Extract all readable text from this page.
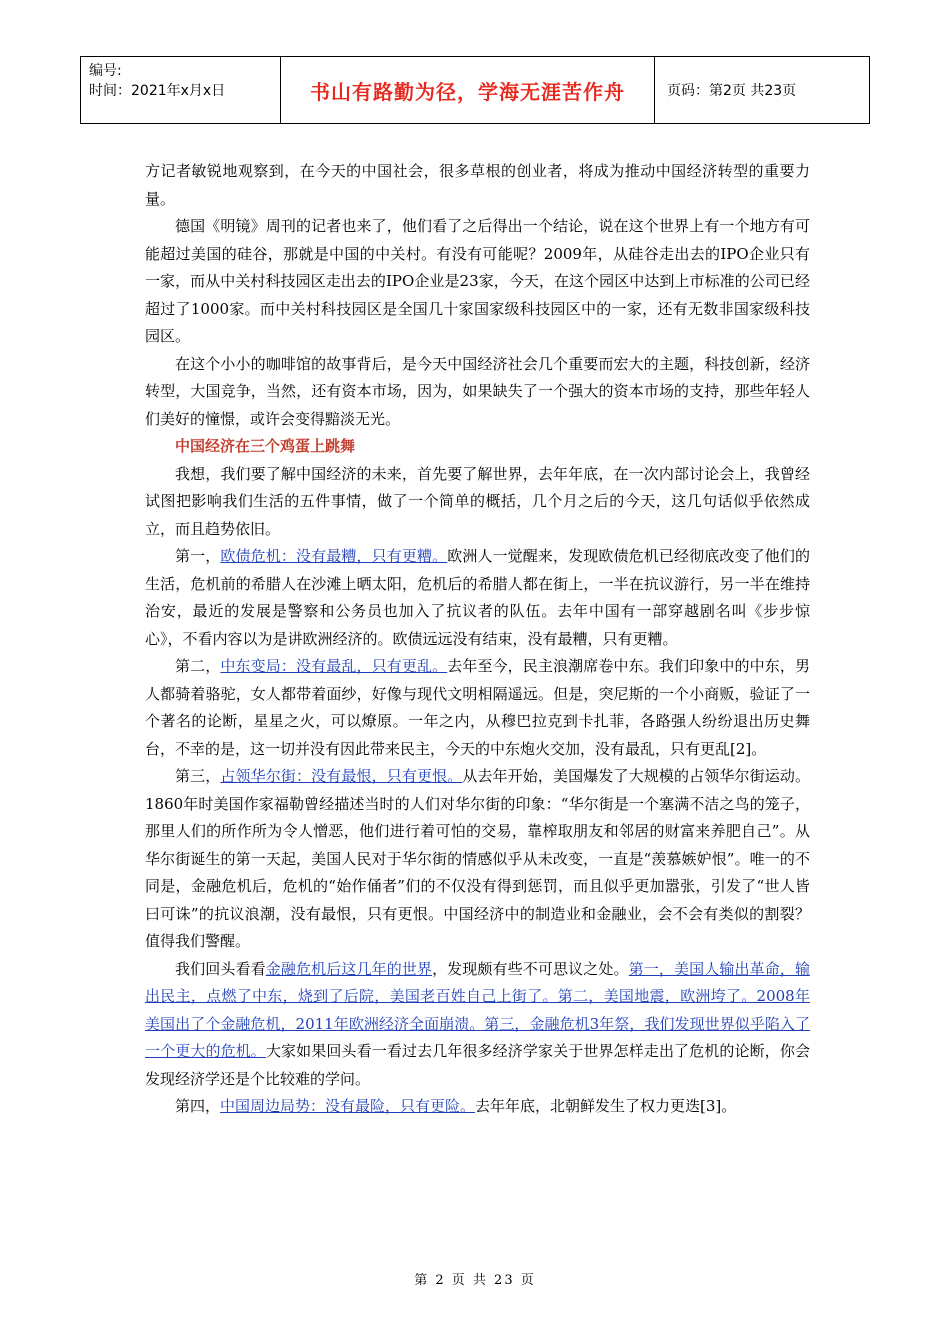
编号:
时间：2021年x月x日	书山有路勤为径，学海无涯苦作舟	页码：第2页 共23页

方记者敏锐地观察到，在今天的中国社会，很多草根的创业者，将成为推动中国经济转型的重要力量。

德国《明镜》周刊的记者也来了，他们看了之后得出一个结论，说在这个世界上有一个地方有可能超过美国的硅谷，那就是中国的中关村。有没有可能呢？2009年，从硅谷走出去的IPO企业只有一家，而从中关村科技园区走出去的IPO企业是23家，今天，在这个园区中达到上市标准的公司已经超过了1000家。而中关村科技园区是全国几十家国家级科技园区中的一家，还有无数非国家级科技园区。

在这个小小的咖啡馆的故事背后，是今天中国经济社会几个重要而宏大的主题，科技创新，经济转型，大国竞争，当然，还有资本市场，因为，如果缺失了一个强大的资本市场的支持，那些年轻人们美好的憧憬，或许会变得黯淡无光。

中国经济在三个鸡蛋上跳舞

我想，我们要了解中国经济的未来，首先要了解世界，去年年底，在一次内部讨论会上，我曾经试图把影响我们生活的五件事情，做了一个简单的概括，几个月之后的今天，这几句话似乎依然成立，而且趋势依旧。

第一，欧债危机：没有最糟，只有更糟。欧洲人一觉醒来，发现欧债危机已经彻底改变了他们的生活，危机前的希腊人在沙滩上晒太阳，危机后的希腊人都在街上，一半在抗议游行，另一半在维持治安，最近的发展是警察和公务员也加入了抗议者的队伍。去年中国有一部穿越剧名叫《步步惊心》，不看内容以为是讲欧洲经济的。欧债远远没有结束，没有最糟，只有更糟。

第二，中东变局：没有最乱，只有更乱。去年至今，民主浪潮席卷中东。我们印象中的中东，男人都骑着骆驼，女人都带着面纱，好像与现代文明相隔遥远。但是，突尼斯的一个小商贩，验证了一个著名的论断，星星之火，可以燎原。一年之内，从穆巴拉克到卡扎菲，各路强人纷纷退出历史舞台，不幸的是，这一切并没有因此带来民主，今天的中东炮火交加，没有最乱，只有更乱[2]。

第三，占领华尔街：没有最恨，只有更恨。从去年开始，美国爆发了大规模的占领华尔街运动。1860年时美国作家福勒曾经描述当时的人们对华尔街的印象：“华尔街是一个塞满不洁之鸟的笼子，那里人们的所作所为令人憎恶，他们进行着可怕的交易，靠榨取朋友和邻居的财富来养肥自己”。从华尔街诞生的第一天起，美国人民对于华尔街的情感似乎从未改变，一直是“羡慕嫉妒恨”。唯一的不同是，金融危机后，危机的“始作俑者”们的不仅没有得到惩罚，而且似乎更加嚣张，引发了“世人皆曰可诛”的抗议浪潮，没有最恨，只有更恨。中国经济中的制造业和金融业，会不会有类似的割裂？值得我们警醒。

我们回头看看金融危机后这几年的世界，发现颇有些不可思议之处。第一，美国人输出革命，输出民主，点燃了中东，烧到了后院，美国老百姓自己上街了。第二，美国地震，欧洲垮了。2008年美国出了个金融危机，2011年欧洲经济全面崩溃。第三，金融危机3年祭，我们发现世界似乎陷入了一个更大的危机。大家如果回头看一看过去几年很多经济学家关于世界怎样走出了危机的论断，你会发现经济学还是个比较难的学问。

第四，中国周边局势：没有最险，只有更险。去年年底，北朝鲜发生了权力更迭[3]。

第 2 页 共 23 页
